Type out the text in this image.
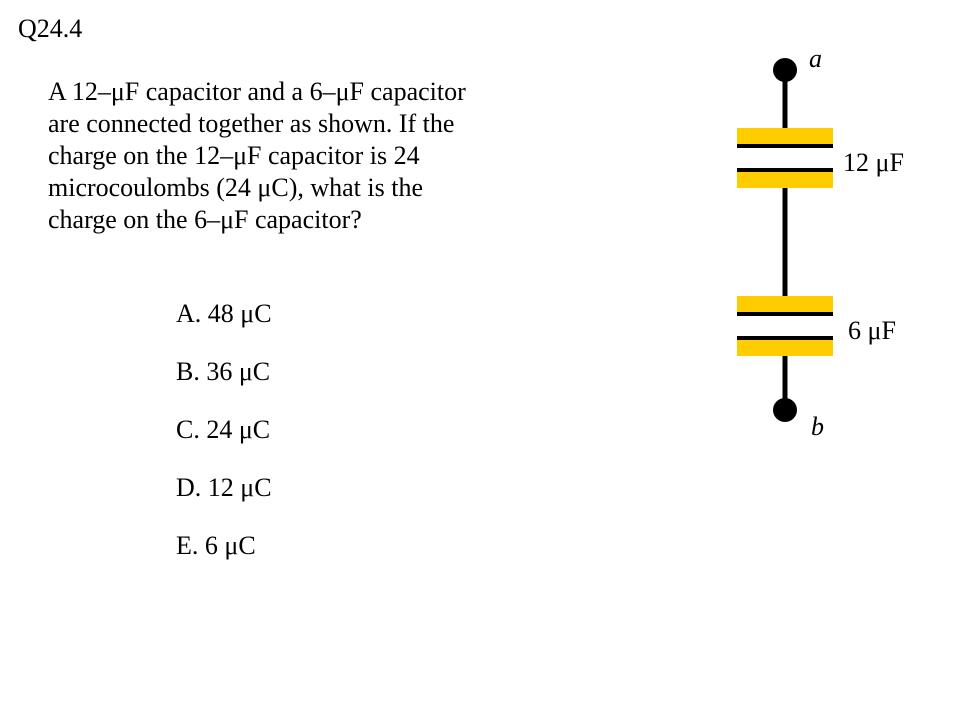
Q24.4
A 12–μF capacitor and a 6–μF capacitor
are connected together as shown. If the
charge on the 12–μF capacitor is 24
microcoulombs (24 μC), what is the
charge on the 6–μF capacitor?
A. 48 μC
B. 36 μC
C. 24 μC
D. 12 μC
E. 6 μC
a
12 μF
6 μF
b
